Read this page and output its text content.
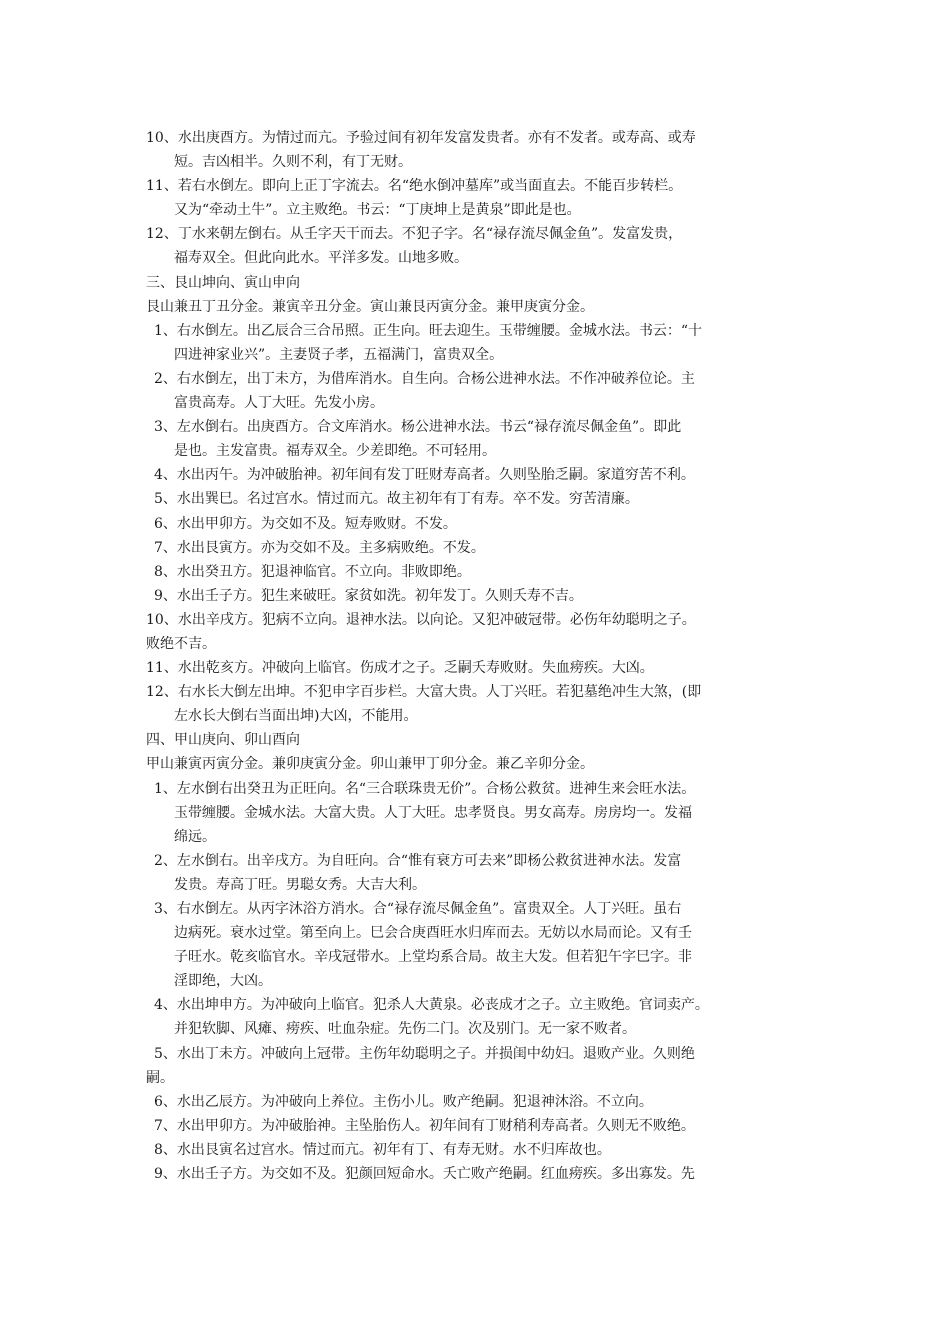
10、水出庚酉方。为情过而亢。予验过间有初年发富发贵者。亦有不发者。或寿高、或寿
短。吉凶相半。久则不利，有丁无财。
11、若右水倒左。即向上正丁字流去。名“绝水倒冲墓库”或当面直去。不能百步转栏。
又为“牵动土牛”。立主败绝。书云：“丁庚坤上是黄泉”即此是也。
12、丁水来朝左倒右。从壬字天干而去。不犯子字。名“禄存流尽佩金鱼”。发富发贵，
福寿双全。但此向此水。平洋多发。山地多败。
三、艮山坤向、寅山申向
艮山兼丑丁丑分金。兼寅辛丑分金。寅山兼艮丙寅分金。兼甲庚寅分金。
1、右水倒左。出乙辰合三合吊照。正生向。旺去迎生。玉带缠腰。金城水法。书云：“十
四进神家业兴”。主妻贤子孝，五福满门，富贵双全。
2、右水倒左，出丁未方，为借库消水。自生向。合杨公进神水法。不作冲破养位论。主
富贵高寿。人丁大旺。先发小房。
3、左水倒右。出庚酉方。合文库消水。杨公进神水法。书云“禄存流尽佩金鱼”。即此
是也。主发富贵。福寿双全。少差即绝。不可轻用。
4、水出丙午。为冲破胎神。初年间有发丁旺财寿高者。久则坠胎乏嗣。家道穷苦不利。
5、水出巽巳。名过宫水。情过而亢。故主初年有丁有寿。卒不发。穷苦清廉。
6、水出甲卯方。为交如不及。短寿败财。不发。
7、水出艮寅方。亦为交如不及。主多病败绝。不发。
8、水出癸丑方。犯退神临官。不立向。非败即绝。
9、水出壬子方。犯生来破旺。家贫如洗。初年发丁。久则夭寿不吉。
10、水出辛戌方。犯病不立向。退神水法。以向论。又犯冲破冠带。必伤年幼聪明之子。
败绝不吉。
11、水出乾亥方。冲破向上临官。伤成才之子。乏嗣夭寿败财。失血痨疾。大凶。
12、右水长大倒左出坤。不犯申字百步栏。大富大贵。人丁兴旺。若犯墓绝冲生大煞，(即
左水长大倒右当面出坤)大凶，不能用。
四、甲山庚向、卯山酉向
甲山兼寅丙寅分金。兼卯庚寅分金。卯山兼甲丁卯分金。兼乙辛卯分金。
1、左水倒右出癸丑为正旺向。名“三合联珠贵无价”。合杨公救贫。进神生来会旺水法。
玉带缠腰。金城水法。大富大贵。人丁大旺。忠孝贤良。男女高寿。房房均一。发福
绵远。
2、左水倒右。出辛戌方。为自旺向。合“惟有衰方可去来”即杨公救贫进神水法。发富
发贵。寿高丁旺。男聪女秀。大吉大利。
3、右水倒左。从丙字沐浴方消水。合“禄存流尽佩金鱼”。富贵双全。人丁兴旺。虽右
边病死。衰水过堂。第至向上。巳会合庚酉旺水归库而去。无妨以水局而论。又有壬
子旺水。乾亥临官水。辛戌冠带水。上堂均系合局。故主大发。但若犯午字巳字。非
淫即绝，大凶。
4、水出坤申方。为冲破向上临官。犯杀人大黄泉。必丧成才之子。立主败绝。官词卖产。
并犯软脚、风瘫、痨疾、吐血杂症。先伤二门。次及别门。无一家不败者。
5、水出丁未方。冲破向上冠带。主伤年幼聪明之子。并损闺中幼妇。退败产业。久则绝
嗣。
6、水出乙辰方。为冲破向上养位。主伤小儿。败产绝嗣。犯退神沐浴。不立向。
7、水出甲卯方。为冲破胎神。主坠胎伤人。初年间有丁财稍利寿高者。久则无不败绝。
8、水出艮寅名过宫水。情过而亢。初年有丁、有寿无财。水不归库故也。
9、水出壬子方。为交如不及。犯颜回短命水。夭亡败产绝嗣。红血痨疾。多出寡发。先
